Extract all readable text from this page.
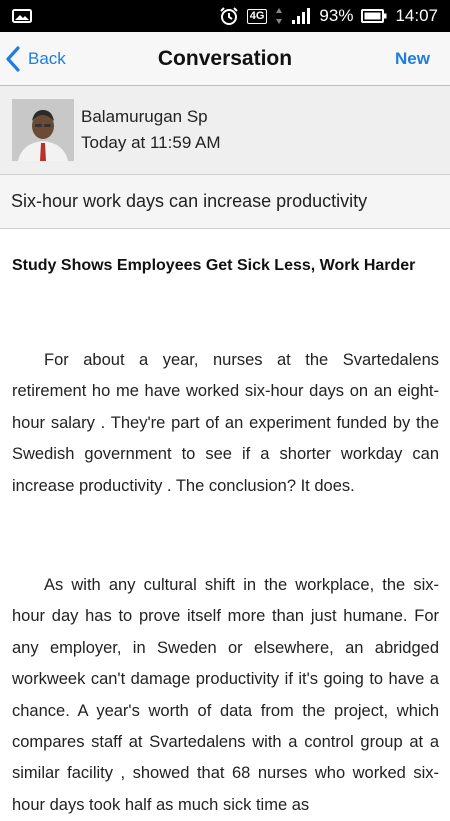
4G	93% 14:07
Back	Conversation	New
Balamurugan Sp
Today at 11:59 AM
Six-hour work days can increase productivity
Study Shows Employees Get Sick Less, Work Harder

For about a year, nurses at the Svartedalens retirement ho me have worked six-hour days on an eight-hour salary . They're part of an experiment funded by the Swedish government to see if a shorter workday can increase productivity . The conclusion? It does.

As with any cultural shift in the workplace, the six-hour day has to prove itself more than just humane. For any employer, in Sweden or elsewhere, an abridged workweek can't damage productivity if it's going to have a chance. A year's worth of data from the project, which compares staff at Svartedalens with a control group at a similar facility , showed that 68 nurses who worked six-hour days took half as much sick time as
